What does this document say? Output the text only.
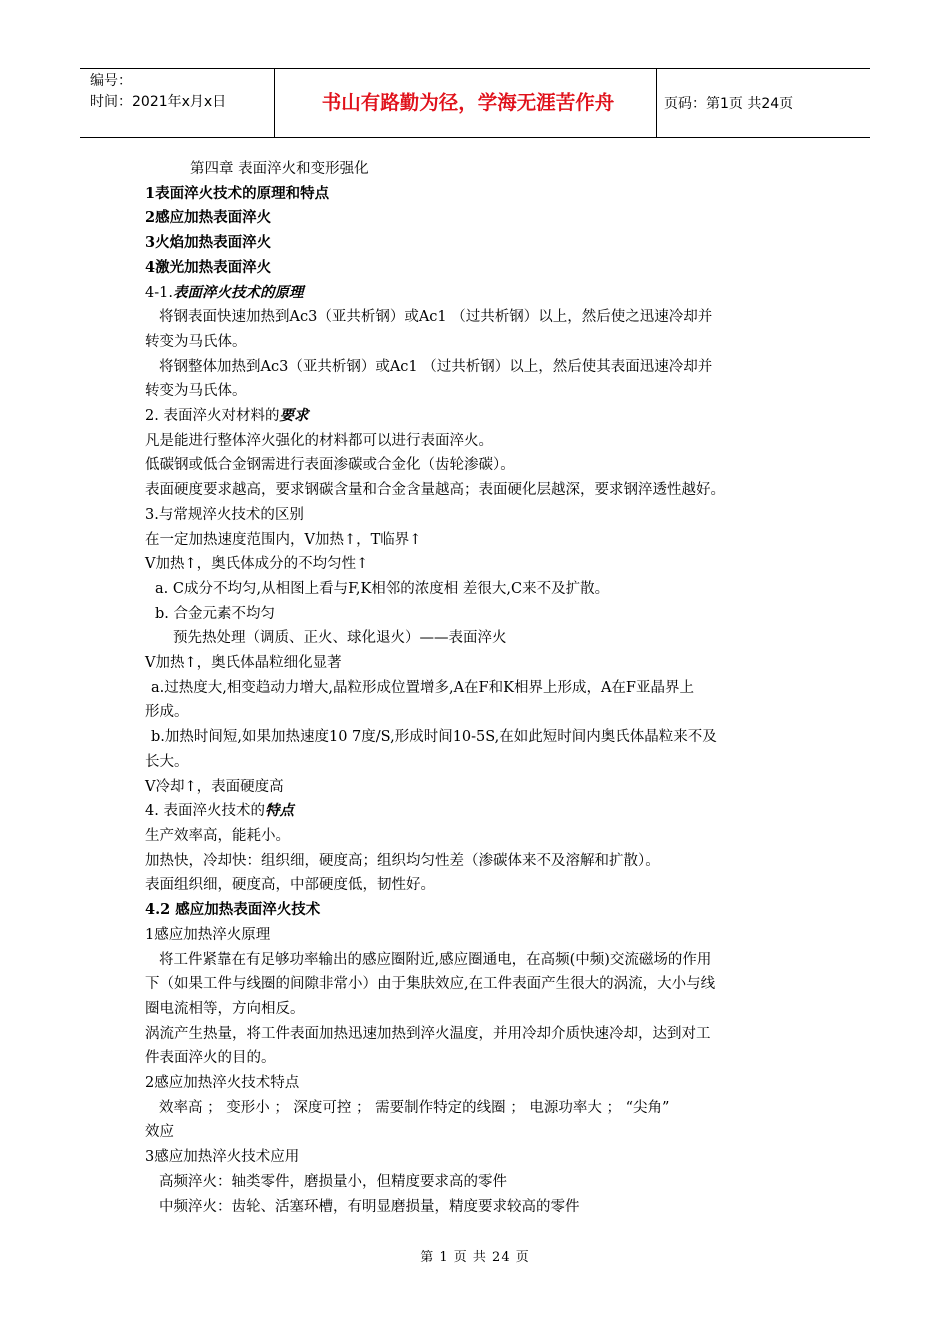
编号：
时间：2021年x月x日	书山有路勤为径，学海无涯苦作舟	页码：第1页 共24页

第四章 表面淬火和变形强化

1表面淬火技术的原理和特点

2感应加热表面淬火

3火焰加热表面淬火

4激光加热表面淬火

4-1.表面淬火技术的原理

将钢表面快速加热到Ac3（亚共析钢）或Ac1 （过共析钢）以上，然后使之迅速冷却并

转变为马氏体。

将钢整体加热到Ac3（亚共析钢）或Ac1 （过共析钢）以上，然后使其表面迅速冷却并

转变为马氏体。

2. 表面淬火对材料的要求

凡是能进行整体淬火强化的材料都可以进行表面淬火。

低碳钢或低合金钢需进行表面渗碳或合金化（齿轮渗碳）。

表面硬度要求越高，要求钢碳含量和合金含量越高；表面硬化层越深，要求钢淬透性越好。

3.与常规淬火技术的区别

在一定加热速度范围内，V加热↑，T临界↑

V加热↑，奥氏体成分的不均匀性↑

a. C成分不均匀,从相图上看与F,K相邻的浓度相 差很大,C来不及扩散。

b. 合金元素不均匀

预先热处理（调质、正火、球化退火）——表面淬火

V加热↑，奥氏体晶粒细化显著

a.过热度大,相变趋动力增大,晶粒形成位置增多,A在F和K相界上形成，A在F亚晶界上

形成。

b.加热时间短,如果加热速度10 7度/S,形成时间10-5S,在如此短时间内奥氏体晶粒来不及

长大。

V冷却↑，表面硬度高

4. 表面淬火技术的特点

生产效率高，能耗小。

加热快，冷却快：组织细，硬度高；组织均匀性差（渗碳体来不及溶解和扩散）。

表面组织细，硬度高，中部硬度低，韧性好。

4.2 感应加热表面淬火技术

1感应加热淬火原理

将工件紧靠在有足够功率输出的感应圈附近,感应圈通电，在高频(中频)交流磁场的作用

下（如果工件与线圈的间隙非常小）由于集肤效应,在工件表面产生很大的涡流，大小与线

圈电流相等，方向相反。

涡流产生热量，将工件表面加热迅速加热到淬火温度，并用冷却介质快速冷却，达到对工

件表面淬火的目的。

2感应加热淬火技术特点

效率高 ； 变形小 ； 深度可控 ； 需要制作特定的线圈 ； 电源功率大 ； “尖角”

效应

3感应加热淬火技术应用

高频淬火：轴类零件，磨损量小，但精度要求高的零件

中频淬火：齿轮、活塞环槽，有明显磨损量，精度要求较高的零件

第 1 页 共 24 页
